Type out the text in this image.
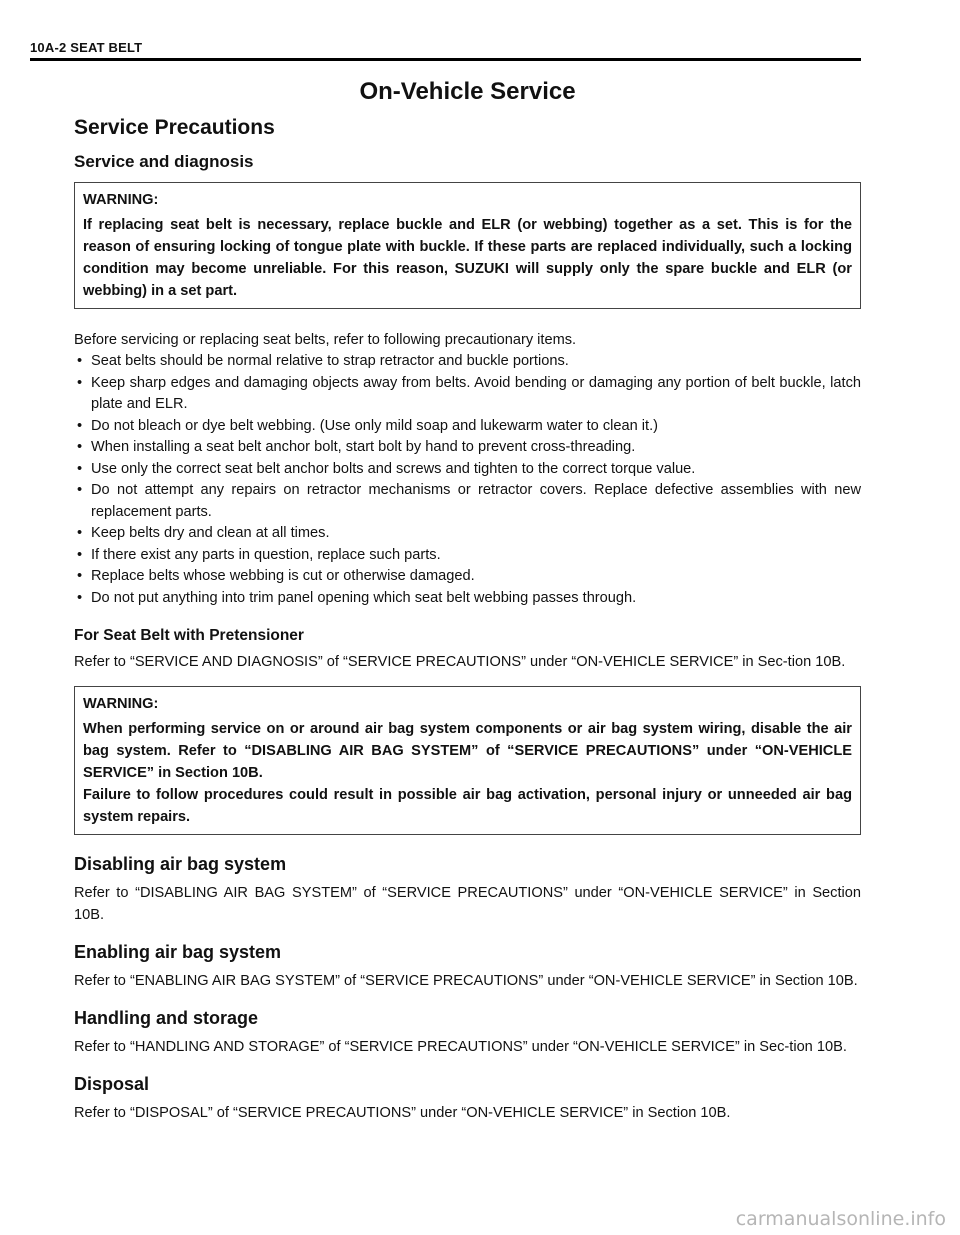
10A-2 SEAT BELT
On-Vehicle Service
Service Precautions
Service and diagnosis
WARNING:
If replacing seat belt is necessary, replace buckle and ELR (or webbing) together as a set. This is for the reason of ensuring locking of tongue plate with buckle. If these parts are replaced individually, such a locking condition may become unreliable. For this reason, SUZUKI will supply only the spare buckle and ELR (or webbing) in a set part.

Before servicing or replacing seat belts, refer to following precautionary items.

• Seat belts should be normal relative to strap retractor and buckle portions.
• Keep sharp edges and damaging objects away from belts. Avoid bending or damaging any portion of belt buckle, latch plate and ELR.
• Do not bleach or dye belt webbing. (Use only mild soap and lukewarm water to clean it.)
• When installing a seat belt anchor bolt, start bolt by hand to prevent cross-threading.
• Use only the correct seat belt anchor bolts and screws and tighten to the correct torque value.
• Do not attempt any repairs on retractor mechanisms or retractor covers. Replace defective assemblies with new replacement parts.
• Keep belts dry and clean at all times.
• If there exist any parts in question, replace such parts.
• Replace belts whose webbing is cut or otherwise damaged.
• Do not put anything into trim panel opening which seat belt webbing passes through.
For Seat Belt with Pretensioner

Refer to “SERVICE AND DIAGNOSIS” of “SERVICE PRECAUTIONS” under “ON-VEHICLE SERVICE” in Sec-tion 10B.

WARNING:
When performing service on or around air bag system components or air bag system wiring, disable the air bag system. Refer to “DISABLING AIR BAG SYSTEM” of “SERVICE PRECAUTIONS” under “ON-VEHICLE SERVICE” in Section 10B.
Failure to follow procedures could result in possible air bag activation, personal injury or unneeded air bag system repairs.
Disabling air bag system

Refer to “DISABLING AIR BAG SYSTEM” of “SERVICE PRECAUTIONS” under “ON-VEHICLE SERVICE” in Section 10B.

Enabling air bag system

Refer to “ENABLING AIR BAG SYSTEM” of “SERVICE PRECAUTIONS” under “ON-VEHICLE SERVICE” in Section 10B.

Handling and storage

Refer to “HANDLING AND STORAGE” of “SERVICE PRECAUTIONS” under “ON-VEHICLE SERVICE” in Sec-tion 10B.

Disposal

Refer to “DISPOSAL” of “SERVICE PRECAUTIONS” under “ON-VEHICLE SERVICE” in Section 10B.

carmanualsonline.info
